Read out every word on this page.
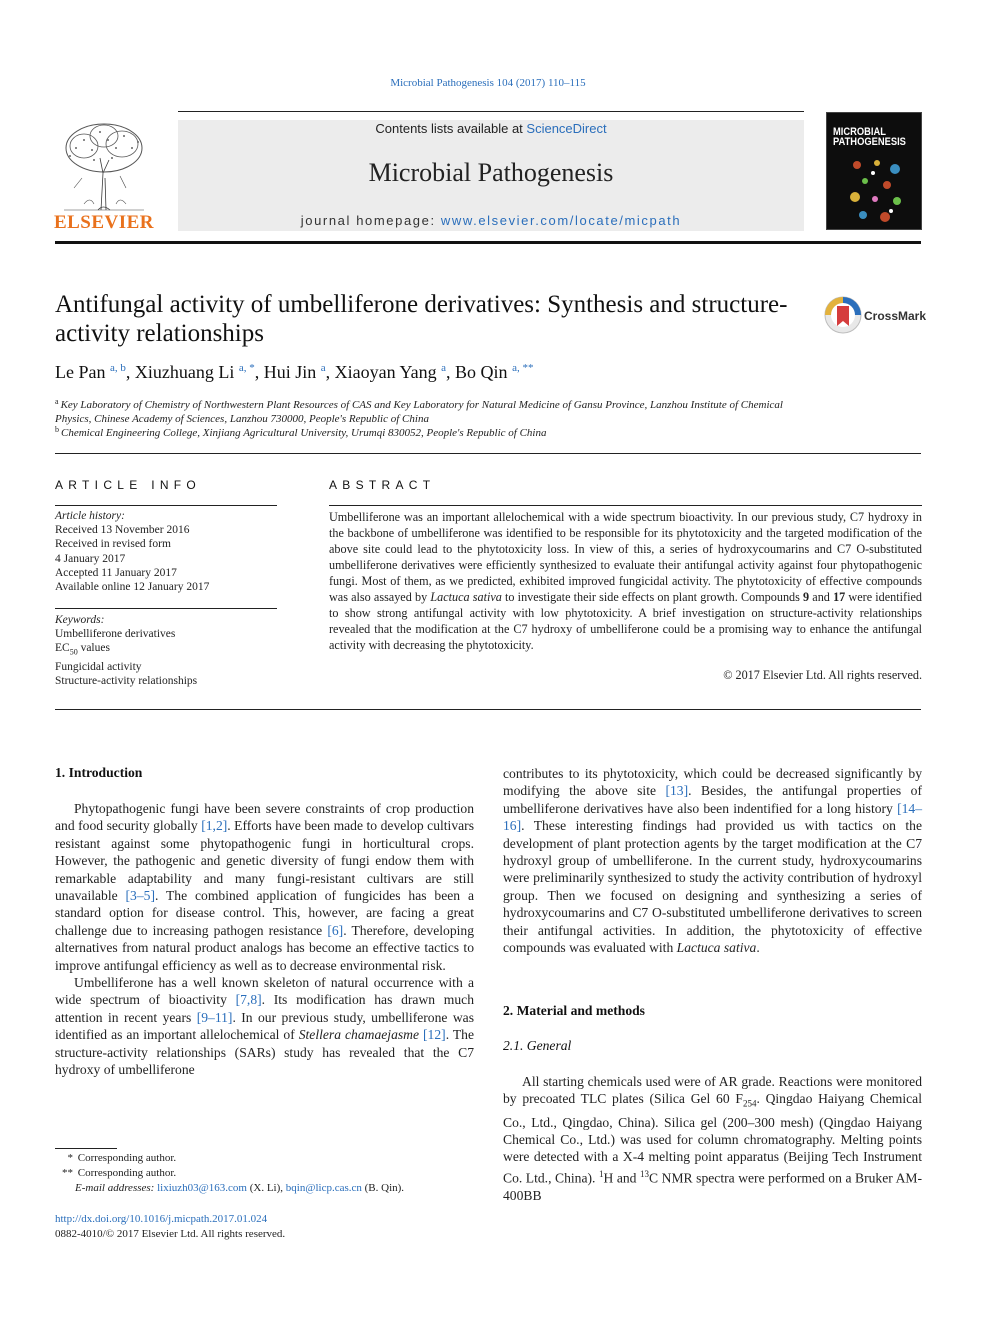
Microbial Pathogenesis 104 (2017) 110–115
ELSEVIER
Contents lists available at ScienceDirect
Microbial Pathogenesis
journal homepage: www.elsevier.com/locate/micpath
MICROBIAL
PATHOGENESIS
Antifungal activity of umbelliferone derivatives: Synthesis and structure-activity relationships
CrossMark
Le Pan $^{a, b}$, Xiuzhuang Li $^{a, *}$, Hui Jin $^a$, Xiaoyan Yang $^a$, Bo Qin $^{a, **}$
$^a$ Key Laboratory of Chemistry of Northwestern Plant Resources of CAS and Key Laboratory for Natural Medicine of Gansu Province, Lanzhou Institute of Chemical Physics, Chinese Academy of Sciences, Lanzhou 730000, People's Republic of China
$^b$ Chemical Engineering College, Xinjiang Agricultural University, Urumqi 830052, People's Republic of China
ARTICLE INFO
Article history:
Received 13 November 2016
Received in revised form
4 January 2017
Accepted 11 January 2017
Available online 12 January 2017
Keywords:
Umbelliferone derivatives
$EC_{50}$ values
Fungicidal activity
Structure-activity relationships
ABSTRACT
Umbelliferone was an important allelochemical with a wide spectrum bioactivity. In our previous study, C7 hydroxy in the backbone of umbelliferone was identified to be responsible for its phytotoxicity and the targeted modification of the above site could lead to the phytotoxicity loss. In view of this, a series of hydroxycoumarins and C7 O-substituted umbelliferone derivatives were efficiently synthesized to evaluate their antifungal activity against four phytopathogenic fungi. Most of them, as we predicted, exhibited improved fungicidal activity. The phytotoxicity of effective compounds was also assayed by Lactuca sativa to investigate their side effects on plant growth. Compounds 9 and 17 were identified to show strong antifungal activity with low phytotoxicity. A brief investigation on structure-activity relationships revealed that the modification at the C7 hydroxy of umbelliferone could be a promising way to enhance the antifungal activity with decreasing the phytotoxicity.
© 2017 Elsevier Ltd. All rights reserved.
1. Introduction

Phytopathogenic fungi have been severe constraints of crop production and food security globally [1,2]. Efforts have been made to develop cultivars resistant against some phytopathogenic fungi in horticultural crops. However, the pathogenic and genetic diversity of fungi endow them with remarkable adaptability and many fungi-resistant cultivars are still unavailable [3–5]. The combined application of fungicides has been a standard option for disease control. This, however, are facing a great challenge due to increasing pathogen resistance [6]. Therefore, developing alternatives from natural product analogs has become an effective tactics to improve antifungal efficiency as well as to decrease environmental risk.

Umbelliferone has a well known skeleton of natural occurrence with a wide spectrum of bioactivity [7,8]. Its modification has drawn much attention in recent years [9–11]. In our previous study, umbelliferone was identified as an important allelochemical of Stellera chamaejasme [12]. The structure-activity relationships (SARs) study has revealed that the C7 hydroxy of umbelliferone

contributes to its phytotoxicity, which could be decreased significantly by modifying the above site [13]. Besides, the antifungal properties of umbelliferone derivatives have also been indentified for a long history [14–16]. These interesting findings had provided us with tactics on the development of plant protection agents by the target modification at the C7 hydroxyl group of umbelliferone. In the current study, hydroxycoumarins were preliminarily synthesized to study the activity contribution of hydroxyl group. Then we focused on designing and synthesizing a series of hydroxycoumarins and C7 O-substituted umbelliferone derivatives to screen their antifungal activities. In addition, the phytotoxicity of effective compounds was evaluated with Lactuca sativa.

2. Material and methods
2.1. General

All starting chemicals used were of AR grade. Reactions were monitored by precoated TLC plates (Silica Gel 60 $F_{254}$. Qingdao Haiyang Chemical Co., Ltd., Qingdao, China). Silica gel (200–300 mesh) (Qingdao Haiyang Chemical Co., Ltd.) was used for column chromatography. Melting points were detected with a X-4 melting point apparatus (Beijing Tech Instrument Co. Ltd., China). $^1$H and $^{13}$C NMR spectra were performed on a Bruker AM-400BB

* Corresponding author.
** Corresponding author.
E-mail addresses: lixiuzh03@163.com (X. Li), bqin@licp.cas.cn (B. Qin).
http://dx.doi.org/10.1016/j.micpath.2017.01.024
0882-4010/© 2017 Elsevier Ltd. All rights reserved.
